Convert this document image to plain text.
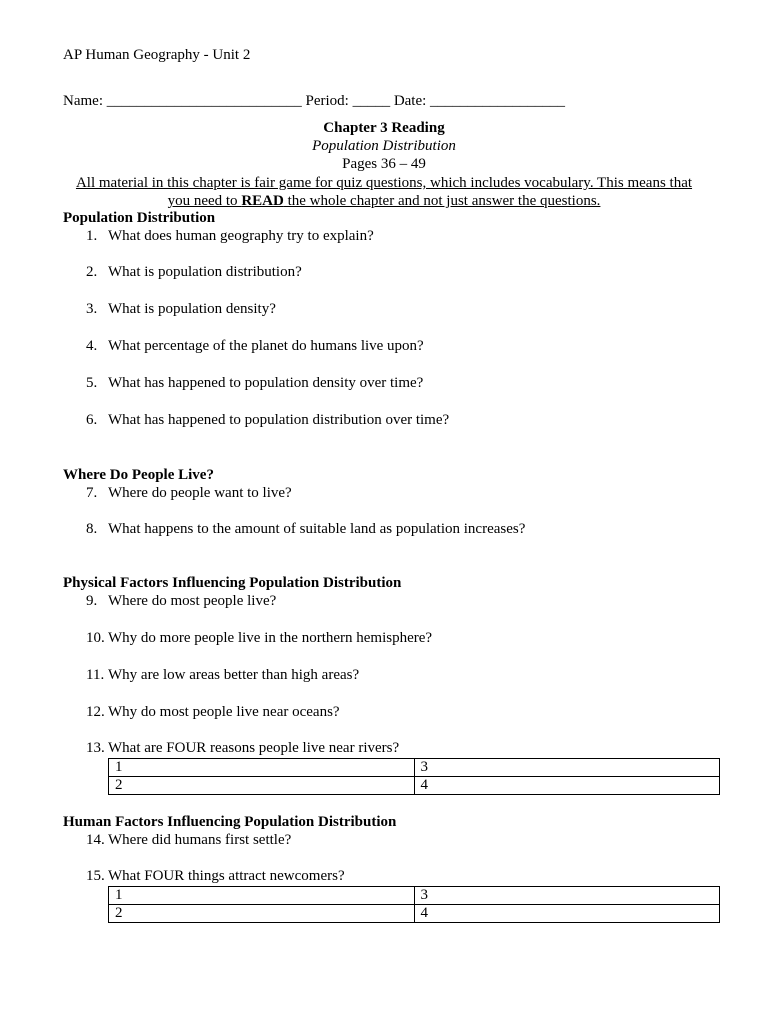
AP Human Geography - Unit 2
Name: __________________________ Period: _____ Date: __________________
Chapter 3 Reading
Population Distribution
Pages 36 – 49
All material in this chapter is fair game for quiz questions, which includes vocabulary. This means that you need to READ the whole chapter and not just answer the questions.
Population Distribution
1. What does human geography try to explain?
2. What is population distribution?
3. What is population density?
4. What percentage of the planet do humans live upon?
5. What has happened to population density over time?
6. What has happened to population distribution over time?
Where Do People Live?
7. Where do people want to live?
8. What happens to the amount of suitable land as population increases?
Physical Factors Influencing Population Distribution
9. Where do most people live?
10. Why do more people live in the northern hemisphere?
11. Why are low areas better than high areas?
12. Why do most people live near oceans?
13. What are FOUR reasons people live near rivers?
1	3
2	4
Human Factors Influencing Population Distribution
14. Where did humans first settle?
15. What FOUR things attract newcomers?
1	3
2	4
